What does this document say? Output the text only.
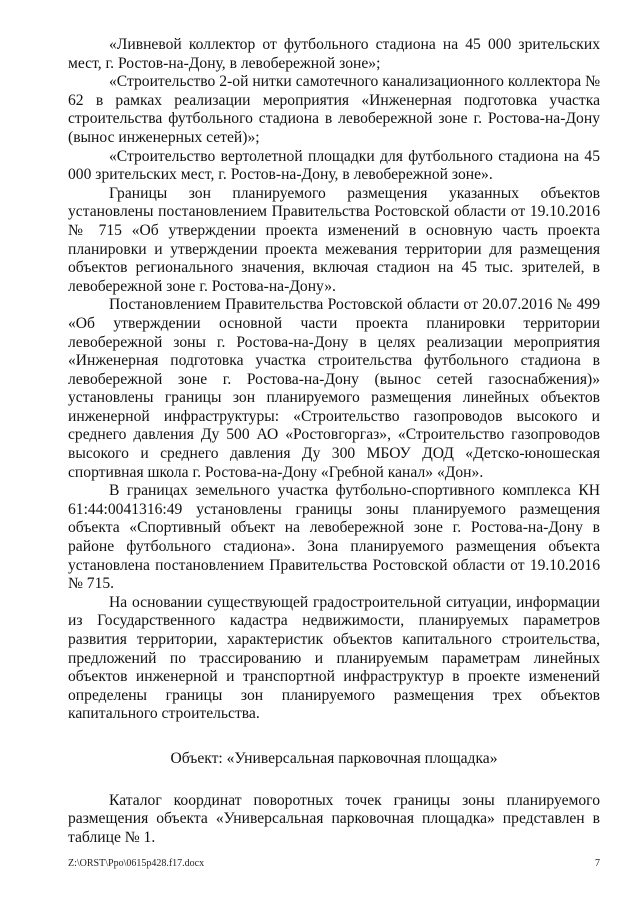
«Ливневой коллектор от футбольного стадиона на 45 000 зрительских мест, г. Ростов-на-Дону, в левобережной зоне»;

«Строительство 2-ой нитки самотечного канализационного коллектора № 62 в рамках реализации мероприятия «Инженерная подготовка участка строительства футбольного стадиона в левобережной зоне г. Ростова-на-Дону (вынос инженерных сетей)»;

«Строительство вертолетной площадки для футбольного стадиона на 45 000 зрительских мест, г. Ростов-на-Дону, в левобережной зоне».

Границы зон планируемого размещения указанных объектов установлены постановлением Правительства Ростовской области от 19.10.2016 № 715 «Об утверждении проекта изменений в основную часть проекта планировки и утверждении проекта межевания территории для размещения объектов регионального значения, включая стадион на 45 тыс. зрителей, в левобережной зоне г. Ростова-на-Дону».

Постановлением Правительства Ростовской области от 20.07.2016 № 499 «Об утверждении основной части проекта планировки территории левобережной зоны г. Ростова-на-Дону в целях реализации мероприятия «Инженерная подготовка участка строительства футбольного стадиона в левобережной зоне г. Ростова-на-Дону (вынос сетей газоснабжения)» установлены границы зон планируемого размещения линейных объектов инженерной инфраструктуры: «Строительство газопроводов высокого и среднего давления Ду 500 АО «Ростовгоргаз», «Строительство газопроводов высокого и среднего давления Ду 300 МБОУ ДОД «Детско-юношеская спортивная школа г. Ростова-на-Дону «Гребной канал» «Дон».

В границах земельного участка футбольно-спортивного комплекса КН 61:44:0041316:49 установлены границы зоны планируемого размещения объекта «Спортивный объект на левобережной зоне г. Ростова-на-Дону в районе футбольного стадиона». Зона планируемого размещения объекта установлена постановлением Правительства Ростовской области от 19.10.2016 № 715.

На основании существующей градостроительной ситуации, информации из Государственного кадастра недвижимости, планируемых параметров развития территории, характеристик объектов капитального строительства, предложений по трассированию и планируемым параметрам линейных объектов инженерной и транспортной инфраструктур в проекте изменений определены границы зон планируемого размещения трех объектов капитального строительства.

Объект: «Универсальная парковочная площадка»

Каталог координат поворотных точек границы зоны планируемого размещения объекта «Универсальная парковочная площадка» представлен в таблице № 1.

Z:\ORST\Ppo\0615p428.f17.docx	7
